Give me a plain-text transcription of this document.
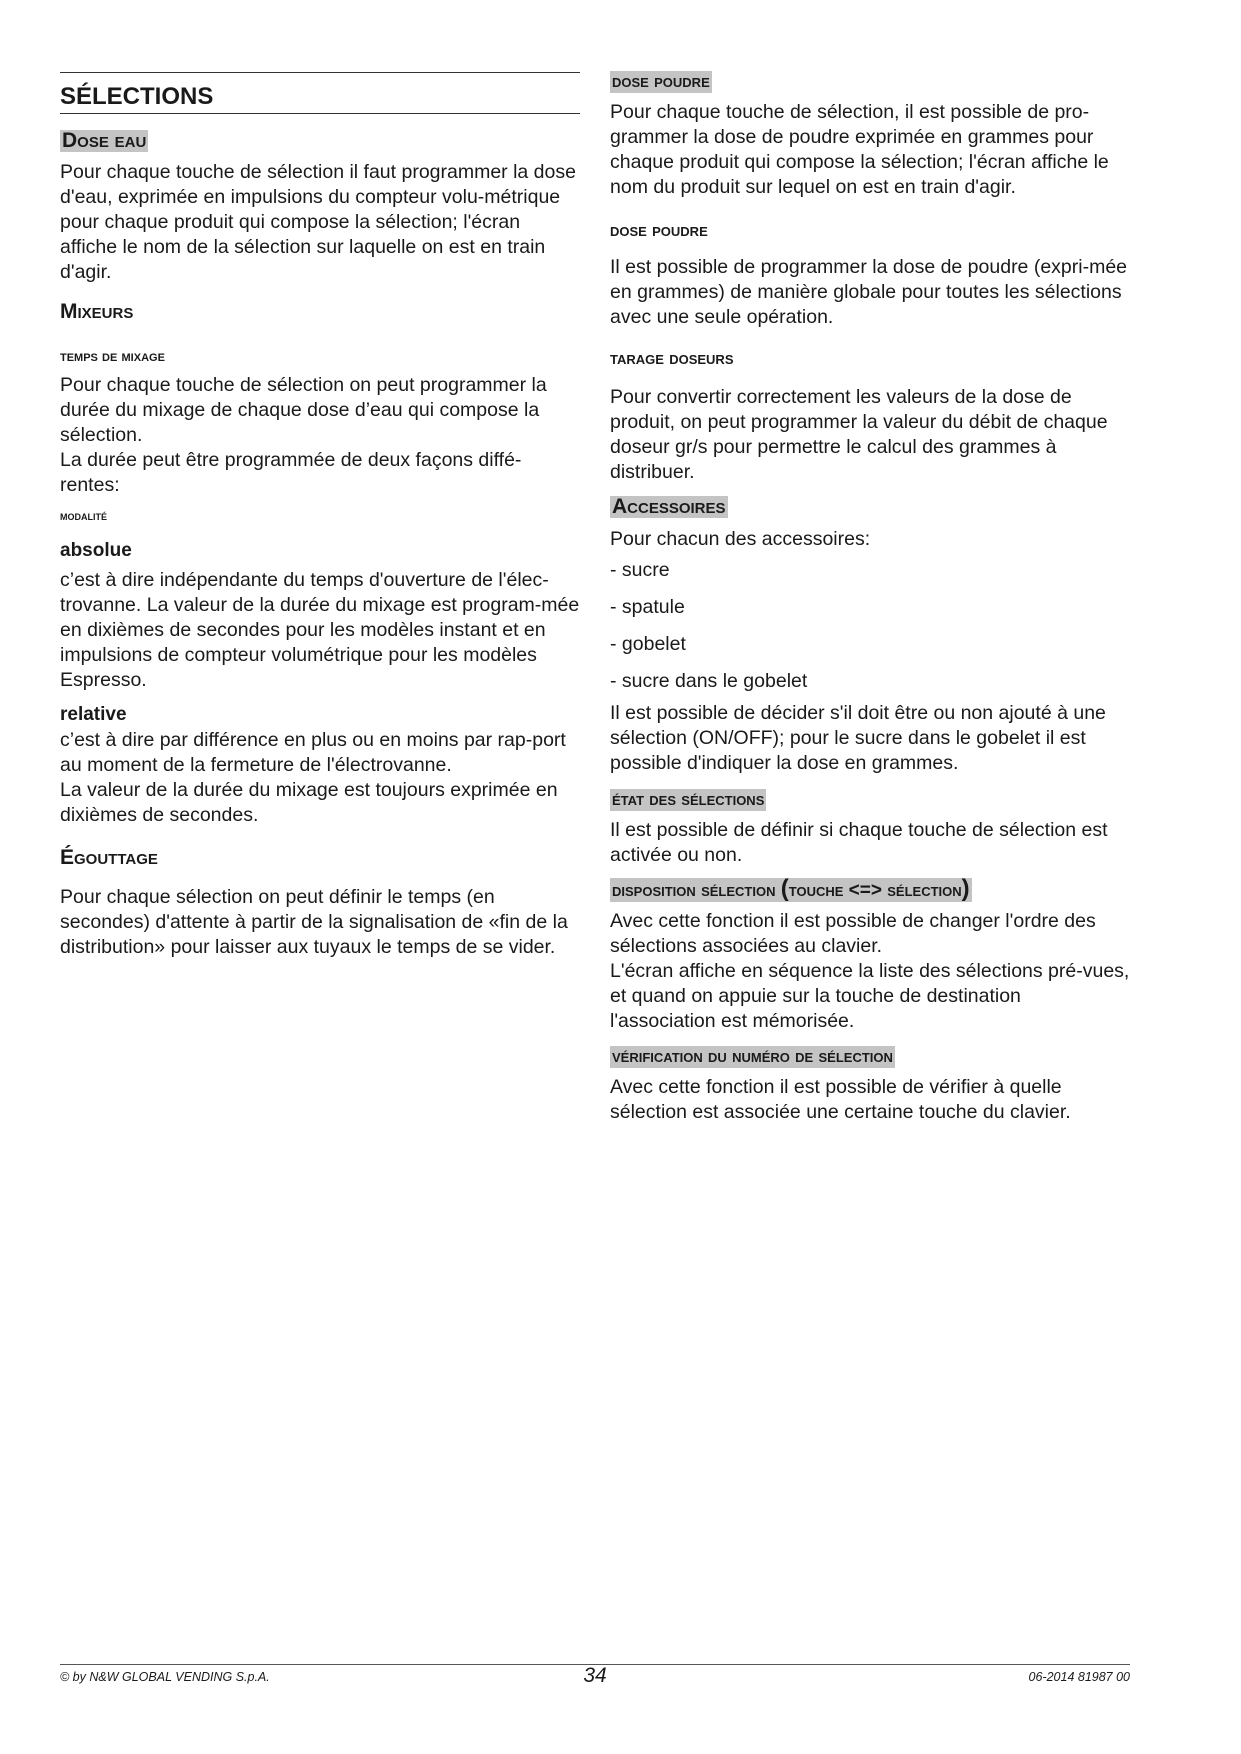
SÉLECTIONS
Dose eau

Pour chaque touche de sélection il faut programmer la dose d'eau, exprimée en impulsions du compteur volu-métrique pour chaque produit qui compose la sélection; l'écran affiche le nom de la sélection sur laquelle on est en train d'agir.

Mixeurs
temps de mixage

Pour chaque touche de sélection on peut programmer la durée du mixage de chaque dose d’eau qui compose la sélection.

La durée peut être programmée de deux façons diffé-rentes:

modalité
absolue

c’est à dire indépendante du temps d'ouverture de l'élec-trovanne. La valeur de la durée du mixage est program-mée en dixièmes de secondes pour les modèles instant et en impulsions de compteur volumétrique pour les modèles Espresso.

relative

c’est à dire par différence en plus ou en moins par rap-port au moment de la fermeture de l'électrovanne.

La valeur de la durée du mixage est toujours exprimée en dixièmes de secondes.

Égouttage

Pour chaque sélection on peut définir le temps (en secondes) d'attente à partir de la signalisation de «fin de la distribution» pour laisser aux tuyaux le temps de se vider.

dose poudre

Pour chaque touche de sélection, il est possible de pro-grammer la dose de poudre exprimée en grammes pour chaque produit qui compose la sélection; l'écran affiche le nom du produit sur lequel on est en train d'agir.

dose poudre

Il est possible de programmer la dose de poudre (expri-mée en grammes) de manière globale pour toutes les sélections avec une seule opération.

tarage doseurs

Pour convertir correctement les valeurs de la dose de produit, on peut programmer la valeur du débit de chaque doseur gr/s pour permettre le calcul des grammes à distribuer.

Accessoires

Pour chacun des accessoires:

- sucre

- spatule

- gobelet

- sucre dans le gobelet

Il est possible de décider s'il doit être ou non ajouté à une sélection (ON/OFF); pour le sucre dans le gobelet il est possible d'indiquer la dose en grammes.

état des sélections

Il est possible de définir si chaque touche de sélection est activée ou non.

disposition sélection (touche <=> sélection)

Avec cette fonction il est possible de changer l'ordre des sélections associées au clavier.

L'écran affiche en séquence la liste des sélections pré-vues, et quand on appuie sur la touche de destination l'association est mémorisée.

vérification du numéro de sélection

Avec cette fonction il est possible de vérifier à quelle sélection est associée une certaine touche du clavier.

© by N&W GLOBAL VENDING S.p.A.	34	06-2014 81987 00
